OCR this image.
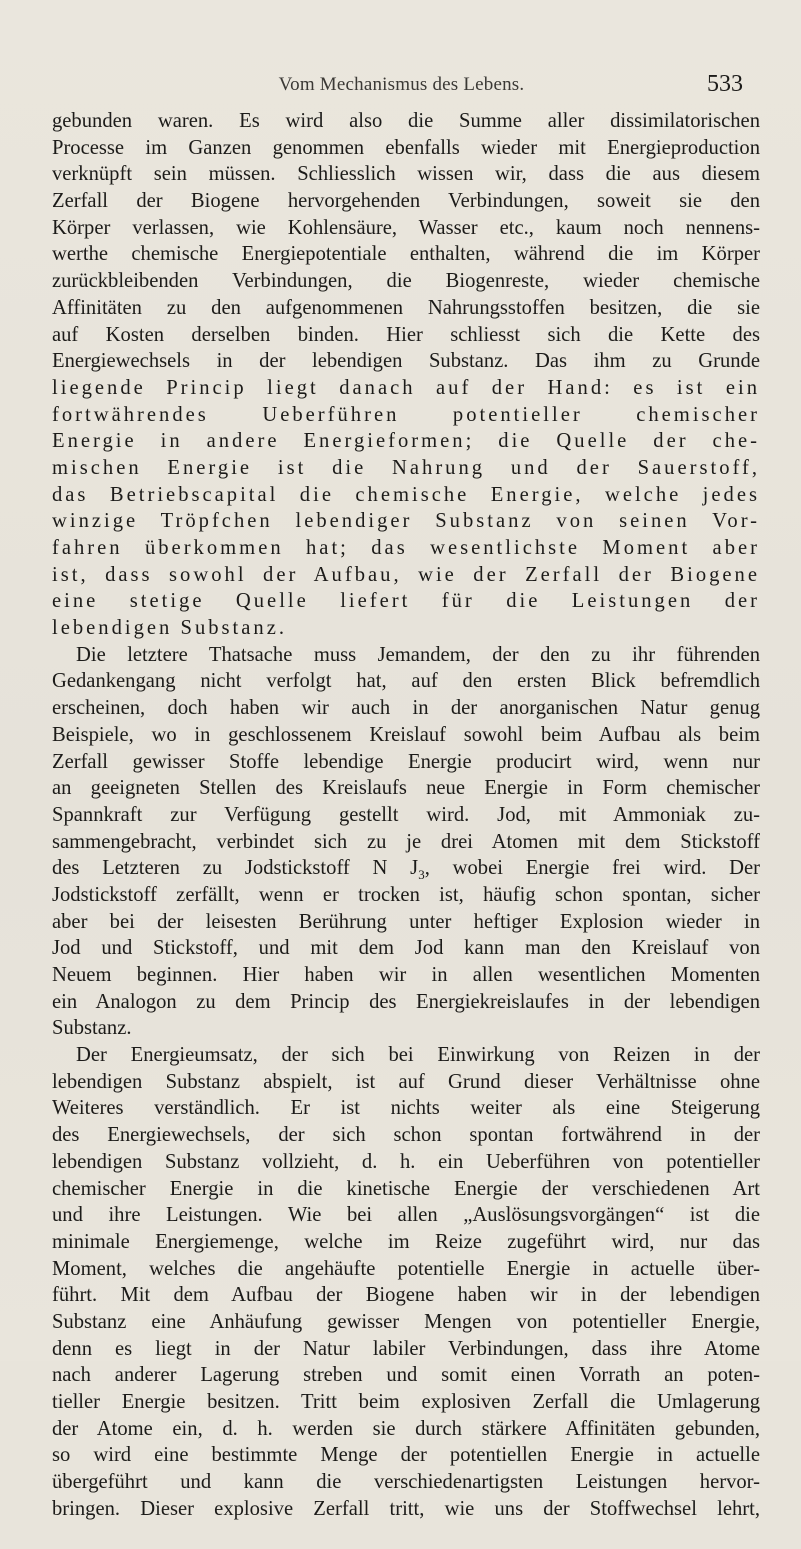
Vom Mechanismus des Lebens.	533
gebunden waren. Es wird also die Summe aller dissimilatorischen
Processe im Ganzen genommen ebenfalls wieder mit Energieproduction
verknüpft sein müssen. Schliesslich wissen wir, dass die aus diesem
Zerfall der Biogene hervorgehenden Verbindungen, soweit sie den
Körper verlassen, wie Kohlensäure, Wasser etc., kaum noch nennens-
werthe chemische Energiepotentiale enthalten, während die im Körper
zurückbleibenden Verbindungen, die Biogenreste, wieder chemische
Affinitäten zu den aufgenommenen Nahrungsstoffen besitzen, die sie
auf Kosten derselben binden. Hier schliesst sich die Kette des
Energiewechsels in der lebendigen Substanz. Das ihm zu Grunde
liegende Princip liegt danach auf der Hand: es ist ein
fortwährendes Ueberführen potentieller chemischer
Energie in andere Energieformen; die Quelle der che-
mischen Energie ist die Nahrung und der Sauerstoff,
das Betriebscapital die chemische Energie, welche jedes
winzige Tröpfchen lebendiger Substanz von seinen Vor-
fahren überkommen hat; das wesentlichste Moment aber
ist, dass sowohl der Aufbau, wie der Zerfall der Biogene
eine stetige Quelle liefert für die Leistungen der
lebendigen Substanz.
Die letztere Thatsache muss Jemandem, der den zu ihr führenden
Gedankengang nicht verfolgt hat, auf den ersten Blick befremdlich
erscheinen, doch haben wir auch in der anorganischen Natur genug
Beispiele, wo in geschlossenem Kreislauf sowohl beim Aufbau als beim
Zerfall gewisser Stoffe lebendige Energie producirt wird, wenn nur
an geeigneten Stellen des Kreislaufs neue Energie in Form chemischer
Spannkraft zur Verfügung gestellt wird. Jod, mit Ammoniak zu-
sammengebracht, verbindet sich zu je drei Atomen mit dem Stickstoff
des Letzteren zu Jodstickstoff N $J_3$, wobei Energie frei wird. Der
Jodstickstoff zerfällt, wenn er trocken ist, häufig schon spontan, sicher
aber bei der leisesten Berührung unter heftiger Explosion wieder in
Jod und Stickstoff, und mit dem Jod kann man den Kreislauf von
Neuem beginnen. Hier haben wir in allen wesentlichen Momenten
ein Analogon zu dem Princip des Energiekreislaufes in der lebendigen
Substanz.
Der Energieumsatz, der sich bei Einwirkung von Reizen in der
lebendigen Substanz abspielt, ist auf Grund dieser Verhältnisse ohne
Weiteres verständlich. Er ist nichts weiter als eine Steigerung
des Energiewechsels, der sich schon spontan fortwährend in der
lebendigen Substanz vollzieht, d. h. ein Ueberführen von potentieller
chemischer Energie in die kinetische Energie der verschiedenen Art
und ihre Leistungen. Wie bei allen „Auslösungsvorgängen“ ist die
minimale Energiemenge, welche im Reize zugeführt wird, nur das
Moment, welches die angehäufte potentielle Energie in actuelle über-
führt. Mit dem Aufbau der Biogene haben wir in der lebendigen
Substanz eine Anhäufung gewisser Mengen von potentieller Energie,
denn es liegt in der Natur labiler Verbindungen, dass ihre Atome
nach anderer Lagerung streben und somit einen Vorrath an poten-
tieller Energie besitzen. Tritt beim explosiven Zerfall die Umlagerung
der Atome ein, d. h. werden sie durch stärkere Affinitäten gebunden,
so wird eine bestimmte Menge der potentiellen Energie in actuelle
übergeführt und kann die verschiedenartigsten Leistungen hervor-
bringen. Dieser explosive Zerfall tritt, wie uns der Stoffwechsel lehrt,
